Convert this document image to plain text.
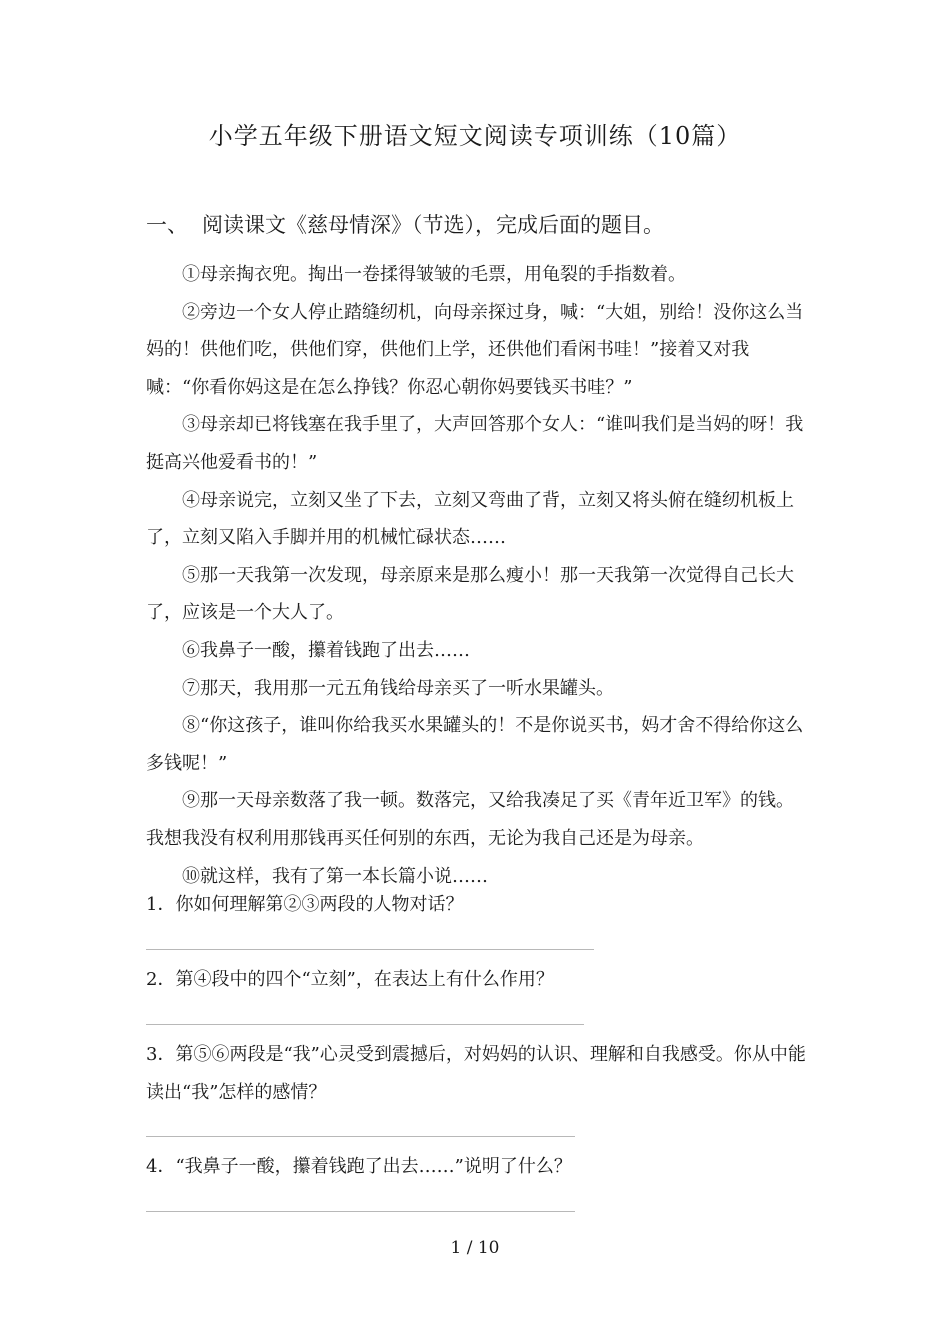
小学五年级下册语文短文阅读专项训练（10篇）
一、 阅读课文《慈母情深》（节选），完成后面的题目。

①母亲掏衣兜。掏出一卷揉得皱皱的毛票，用龟裂的手指数着。

②旁边一个女人停止踏缝纫机，向母亲探过身，喊：“大姐，别给！没你这么当妈的！供他们吃，供他们穿，供他们上学，还供他们看闲书哇！”接着又对我喊：“你看你妈这是在怎么挣钱？你忍心朝你妈要钱买书哇？”

③母亲却已将钱塞在我手里了，大声回答那个女人：“谁叫我们是当妈的呀！我挺高兴他爱看书的！”

④母亲说完，立刻又坐了下去，立刻又弯曲了背，立刻又将头俯在缝纫机板上了，立刻又陷入手脚并用的机械忙碌状态……

⑤那一天我第一次发现，母亲原来是那么瘦小！那一天我第一次觉得自己长大了，应该是一个大人了。

⑥我鼻子一酸，攥着钱跑了出去……

⑦那天，我用那一元五角钱给母亲买了一听水果罐头。

⑧“你这孩子，谁叫你给我买水果罐头的！不是你说买书，妈才舍不得给你这么多钱呢！”

⑨那一天母亲数落了我一顿。数落完，又给我凑足了买《青年近卫军》的钱。我想我没有权利用那钱再买任何别的东西，无论为我自己还是为母亲。

⑩就这样，我有了第一本长篇小说……

1．你如何理解第②③两段的人物对话？

2．第④段中的四个“立刻”，在表达上有什么作用？

3．第⑤⑥两段是“我”心灵受到震撼后，对妈妈的认识、理解和自我感受。你从中能读出“我”怎样的感情？

4．“我鼻子一酸，攥着钱跑了出去……”说明了什么？

1 / 10
